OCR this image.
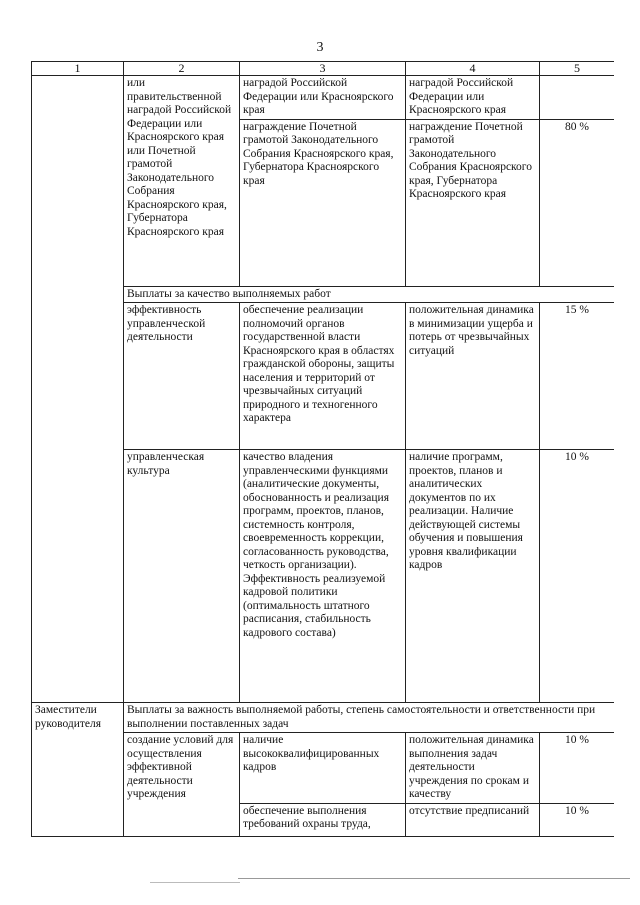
3
1	2	3	4	5
	или правительственной наградой Российской Федерации или Красноярского края или Почетной грамотой Законодательного Собрания Красноярского края, Губернатора Красноярского края	наградой Российской Федерации или Красноярского края	наградой Российской Федерации или Красноярского края	
		награждение Почетной грамотой Законодательного Собрания Красноярского края, Губернатора Красноярского края	награждение Почетной грамотой Законодательного Собрания Красноярского края, Губернатора Красноярского края	80 %
	Выплаты за качество выполняемых работ			
	эффективность управленческой деятельности	обеспечение реализации полномочий органов государственной власти Красноярского края в областях гражданской обороны, защиты населения и территорий от чрезвычайных ситуаций природного и техногенного характера	положительная динамика в минимизации ущерба и потерь от чрезвычайных ситуаций	15 %
	управленческая культура	качество владения управленческими функциями (аналитические документы, обоснованность и реализация программ, проектов, планов, системность контроля, своевременность коррекции, согласованность руководства, четкость организации). Эффективность реализуемой кадровой политики (оптимальность штатного расписания, стабильность кадрового состава)	наличие программ, проектов, планов и аналитических документов по их реализации. Наличие действующей системы обучения и повышения уровня квалификации кадров	10 %
Заместители руководителя	Выплаты за важность выполняемой работы, степень самостоятельности и ответственности при выполнении поставленных задач			
	создание условий для осуществления эффективной деятельности учреждения	наличие высококвалифицированных кадров	положительная динамика выполнения задач деятельности учреждения по срокам и качеству	10 %
		обеспечение выполнения требований охраны труда,	отсутствие предписаний	10 %
